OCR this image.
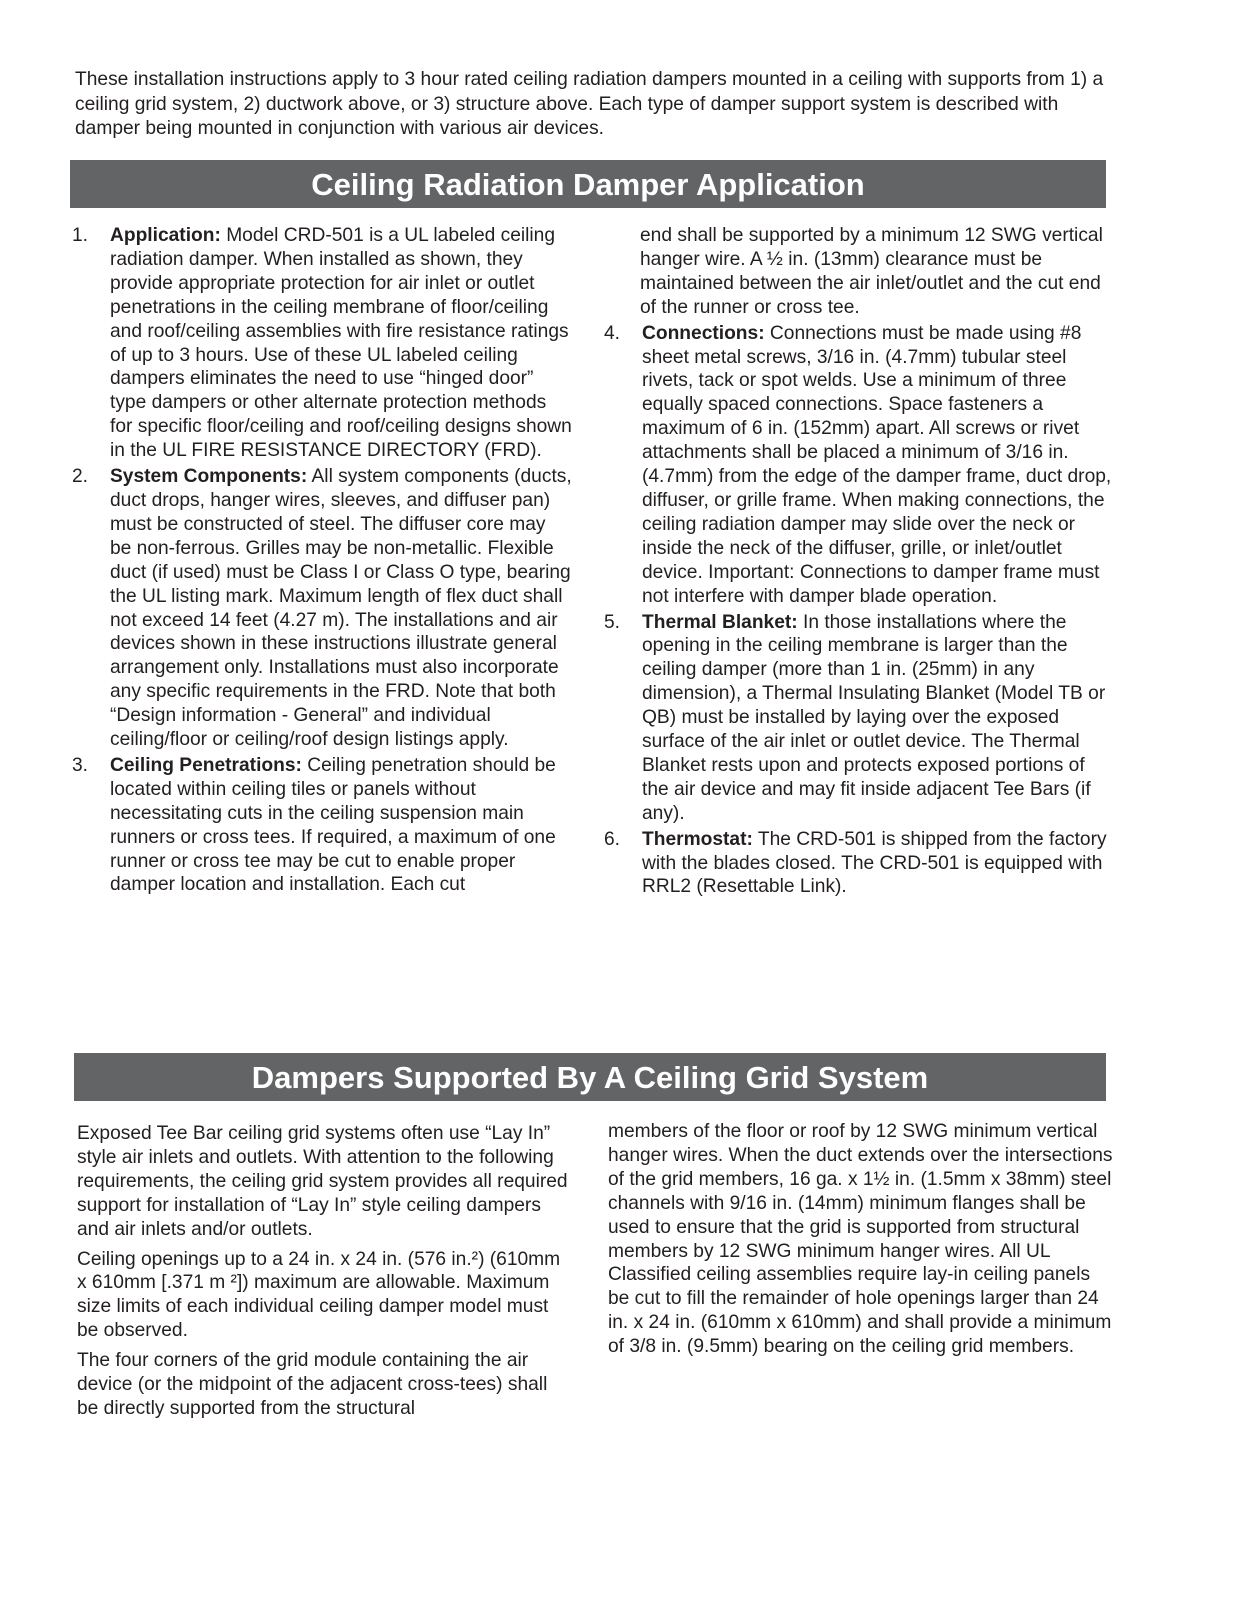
These installation instructions apply to 3 hour rated ceiling radiation dampers mounted in a ceiling with supports from 1) a ceiling grid system, 2) ductwork above, or 3) structure above. Each type of damper support system is described with damper being mounted in conjunction with various air devices.
Ceiling Radiation Damper Application
1. Application: Model CRD-501 is a UL labeled ceiling radiation damper. When installed as shown, they provide appropriate protection for air inlet or outlet penetrations in the ceiling membrane of floor/ceiling and roof/ceiling assemblies with fire resistance ratings of up to 3 hours. Use of these UL labeled ceiling dampers eliminates the need to use “hinged door” type dampers or other alternate protection methods for specific floor/ceiling and roof/ceiling designs shown in the UL FIRE RESISTANCE DIRECTORY (FRD).
2. System Components: All system components (ducts, duct drops, hanger wires, sleeves, and diffuser pan) must be constructed of steel. The diffuser core may be non-ferrous. Grilles may be non-metallic. Flexible duct (if used) must be Class I or Class O type, bearing the UL listing mark. Maximum length of flex duct shall not exceed 14 feet (4.27 m). The installations and air devices shown in these instructions illustrate general arrangement only. Installations must also incorporate any specific requirements in the FRD. Note that both “Design information - General” and individual ceiling/floor or ceiling/roof design listings apply.
3. Ceiling Penetrations: Ceiling penetration should be located within ceiling tiles or panels without necessitating cuts in the ceiling suspension main runners or cross tees. If required, a maximum of one runner or cross tee may be cut to enable proper damper location and installation. Each cut
end shall be supported by a minimum 12 SWG vertical hanger wire. A ½ in. (13mm) clearance must be maintained between the air inlet/outlet and the cut end of the runner or cross tee.
4. Connections: Connections must be made using #8 sheet metal screws, 3/16 in. (4.7mm) tubular steel rivets, tack or spot welds. Use a minimum of three equally spaced connections. Space fasteners a maximum of 6 in. (152mm) apart. All screws or rivet attachments shall be placed a minimum of 3/16 in. (4.7mm) from the edge of the damper frame, duct drop, diffuser, or grille frame. When making connections, the ceiling radiation damper may slide over the neck or inside the neck of the diffuser, grille, or inlet/outlet device. Important: Connections to damper frame must not interfere with damper blade operation.
5. Thermal Blanket: In those installations where the opening in the ceiling membrane is larger than the ceiling damper (more than 1 in. (25mm) in any dimension), a Thermal Insulating Blanket (Model TB or QB) must be installed by laying over the exposed surface of the air inlet or outlet device. The Thermal Blanket rests upon and protects exposed portions of the air device and may fit inside adjacent Tee Bars (if any).
6. Thermostat: The CRD-501 is shipped from the factory with the blades closed. The CRD-501 is equipped with RRL2 (Resettable Link).
Dampers Supported By A Ceiling Grid System

Exposed Tee Bar ceiling grid systems often use “Lay In” style air inlets and outlets. With attention to the following requirements, the ceiling grid system provides all required support for installation of “Lay In” style ceiling dampers and air inlets and/or outlets.

Ceiling openings up to a 24 in. x 24 in. (576 in.²) (610mm x 610mm [.371 m ²]) maximum are allowable. Maximum size limits of each individual ceiling damper model must be observed.

The four corners of the grid module containing the air device (or the midpoint of the adjacent cross-tees) shall be directly supported from the structural

members of the floor or roof by 12 SWG minimum vertical hanger wires. When the duct extends over the intersections of the grid members, 16 ga. x 1½ in. (1.5mm x 38mm) steel channels with 9/16 in. (14mm) minimum flanges shall be used to ensure that the grid is supported from structural members by 12 SWG minimum hanger wires. All UL Classified ceiling assemblies require lay-in ceiling panels be cut to fill the remainder of hole openings larger than 24 in. x 24 in. (610mm x 610mm) and shall provide a minimum of 3/8 in. (9.5mm) bearing on the ceiling grid members.
